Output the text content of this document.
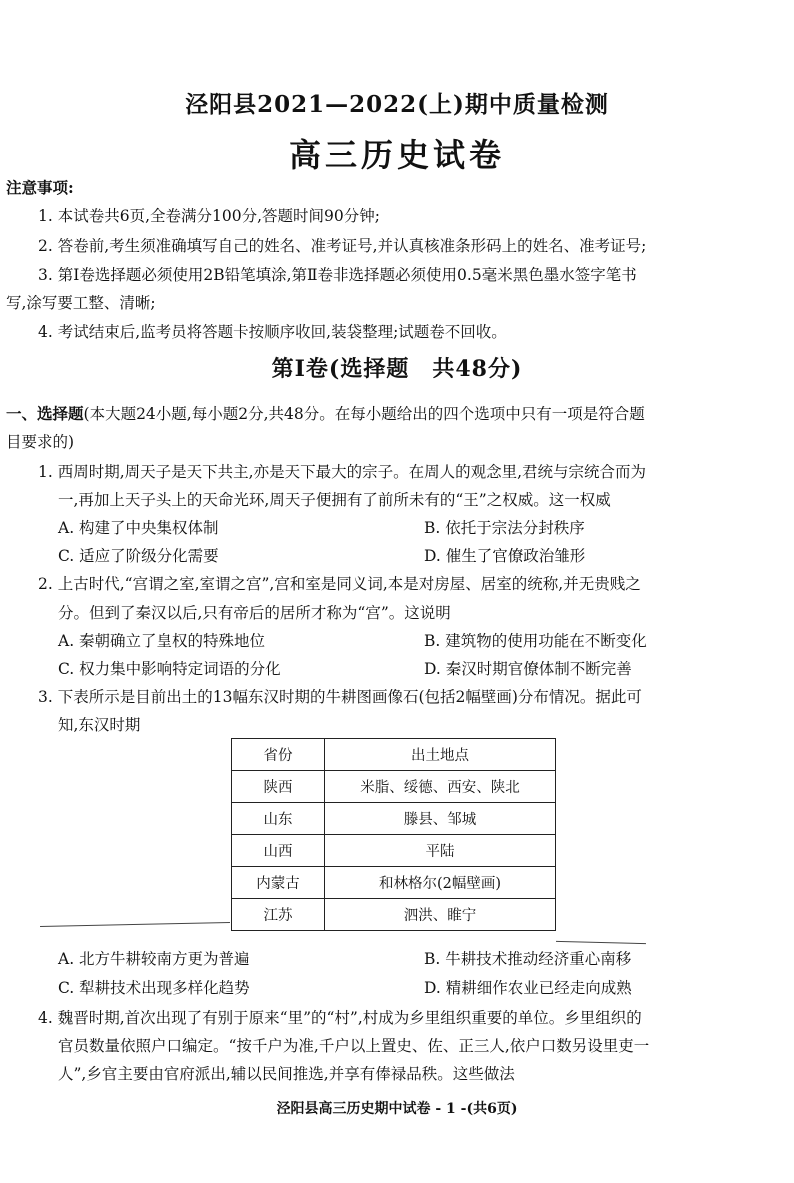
泾阳县2021—2022(上)期中质量检测
高三历史试卷
注意事项:
1. 本试卷共6页,全卷满分100分,答题时间90分钟;
2. 答卷前,考生须准确填写自己的姓名、准考证号,并认真核准条形码上的姓名、准考证号;
3. 第Ⅰ卷选择题必须使用2B铅笔填涂,第Ⅱ卷非选择题必须使用0.5毫米黑色墨水签字笔书
写,涂写要工整、清晰;
4. 考试结束后,监考员将答题卡按顺序收回,装袋整理;试题卷不回收。
第Ⅰ卷(选择题　共48分)
一、选择题(本大题24小题,每小题2分,共48分。在每小题给出的四个选项中只有一项是符合题
目要求的)
1. 西周时期,周天子是天下共主,亦是天下最大的宗子。在周人的观念里,君统与宗统合而为
一,再加上天子头上的天命光环,周天子便拥有了前所未有的“王”之权威。这一权威
A. 构建了中央集权体制	B. 依托于宗法分封秩序
C. 适应了阶级分化需要	D. 催生了官僚政治雏形
2. 上古时代,“宫谓之室,室谓之宫”,宫和室是同义词,本是对房屋、居室的统称,并无贵贱之
分。但到了秦汉以后,只有帝后的居所才称为“宫”。这说明
A. 秦朝确立了皇权的特殊地位	B. 建筑物的使用功能在不断变化
C. 权力集中影响特定词语的分化	D. 秦汉时期官僚体制不断完善
3. 下表所示是目前出土的13幅东汉时期的牛耕图画像石(包括2幅壁画)分布情况。据此可
知,东汉时期
省份	出土地点
陕西	米脂、绥德、西安、陕北
山东	滕县、邹城
山西	平陆
内蒙古	和林格尔(2幅壁画)
江苏	泗洪、睢宁
A. 北方牛耕较南方更为普遍	B. 牛耕技术推动经济重心南移
C. 犁耕技术出现多样化趋势	D. 精耕细作农业已经走向成熟
4. 魏晋时期,首次出现了有别于原来“里”的“村”,村成为乡里组织重要的单位。乡里组织的
官员数量依照户口编定。“按千户为准,千户以上置史、佐、正三人,依户口数另设里吏一
人”,乡官主要由官府派出,辅以民间推选,并享有俸禄品秩。这些做法
泾阳县高三历史期中试卷 - 1 -(共6页)
